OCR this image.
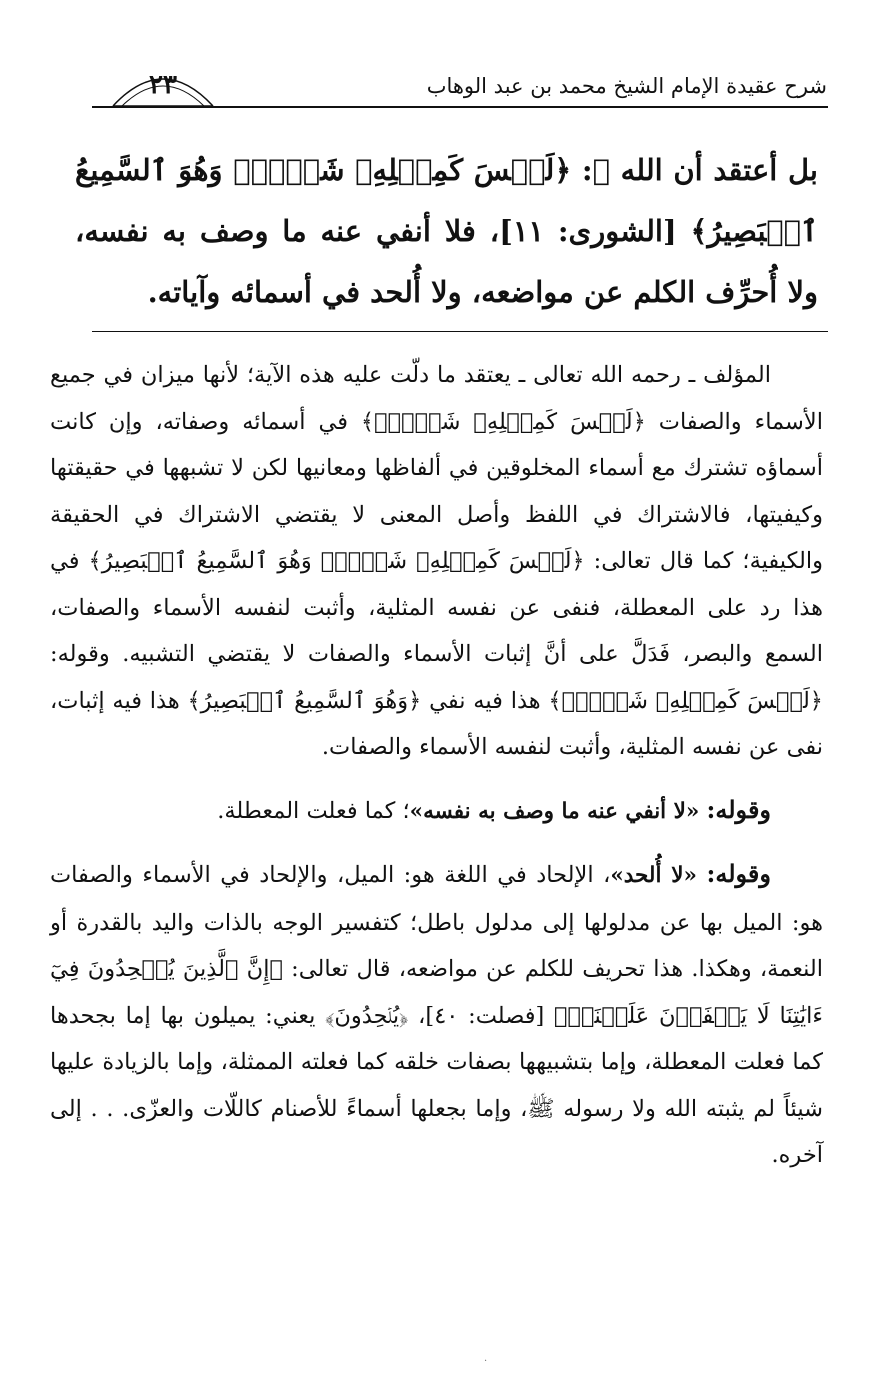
٢٣	شرح عقيدة الإمام الشيخ محمد بن عبد الوهاب
بل أعتقد أن الله ﷻ: ﴿لَيۡسَ كَمِثۡلِهِۦ شَيۡءٞۖ وَهُوَ ٱلسَّمِيعُ ٱلۡبَصِيرُ﴾ [الشورى: ١١]، فلا أنفي عنه ما وصف به نفسه، ولا أُحرِّف الكلم عن مواضعه، ولا أُلحد في أسمائه وآياته.

المؤلف ـ رحمه الله تعالى ـ يعتقد ما دلّت عليه هذه الآية؛ لأنها ميزان في جميع الأسماء والصفات ﴿لَيۡسَ كَمِثۡلِهِۦ شَيۡءٞۖ﴾ في أسمائه وصفاته، وإن كانت أسماؤه تشترك مع أسماء المخلوقين في ألفاظها ومعانيها لكن لا تشبهها في حقيقتها وكيفيتها، فالاشتراك في اللفظ وأصل المعنى لا يقتضي الاشتراك في الحقيقة والكيفية؛ كما قال تعالى: ﴿لَيۡسَ كَمِثۡلِهِۦ شَيۡءٞۖ وَهُوَ ٱلسَّمِيعُ ٱلۡبَصِيرُ﴾ في هذا رد على المعطلة، فنفى عن نفسه المثلية، وأثبت لنفسه الأسماء والصفات، السمع والبصر، فَدَلَّ على أنَّ إثبات الأسماء والصفات لا يقتضي التشبيه. وقوله: ﴿لَيۡسَ كَمِثۡلِهِۦ شَيۡءٞۖ﴾ هذا فيه نفي ﴿وَهُوَ ٱلسَّمِيعُ ٱلۡبَصِيرُ﴾ هذا فيه إثبات، نفى عن نفسه المثلية، وأثبت لنفسه الأسماء والصفات.

وقوله: «لا أنفي عنه ما وصف به نفسه»؛ كما فعلت المعطلة.

وقوله: «لا أُلحد»، الإلحاد في اللغة هو: الميل، والإلحاد في الأسماء والصفات هو: الميل بها عن مدلولها إلى مدلول باطل؛ كتفسير الوجه بالذات واليد بالقدرة أو النعمة، وهكذا. هذا تحريف للكلم عن مواضعه، قال تعالى: ﴿إِنَّ ٱلَّذِينَ يُلۡحِدُونَ فِيٓ ءَايَٰتِنَا لَا يَخۡفَوۡنَ عَلَيۡنَآۗ﴾ [فصلت: ٤٠]، ﴿يُلۡحِدُونَ﴾ يعني: يميلون بها إما بجحدها كما فعلت المعطلة، وإما بتشبيهها بصفات خلقه كما فعلته الممثلة، وإما بالزيادة عليها شيئاً لم يثبته الله ولا رسوله ﷺ، وإما بجعلها أسماءً للأصنام كاللّات والعزّى. . . إلى آخره.

·
